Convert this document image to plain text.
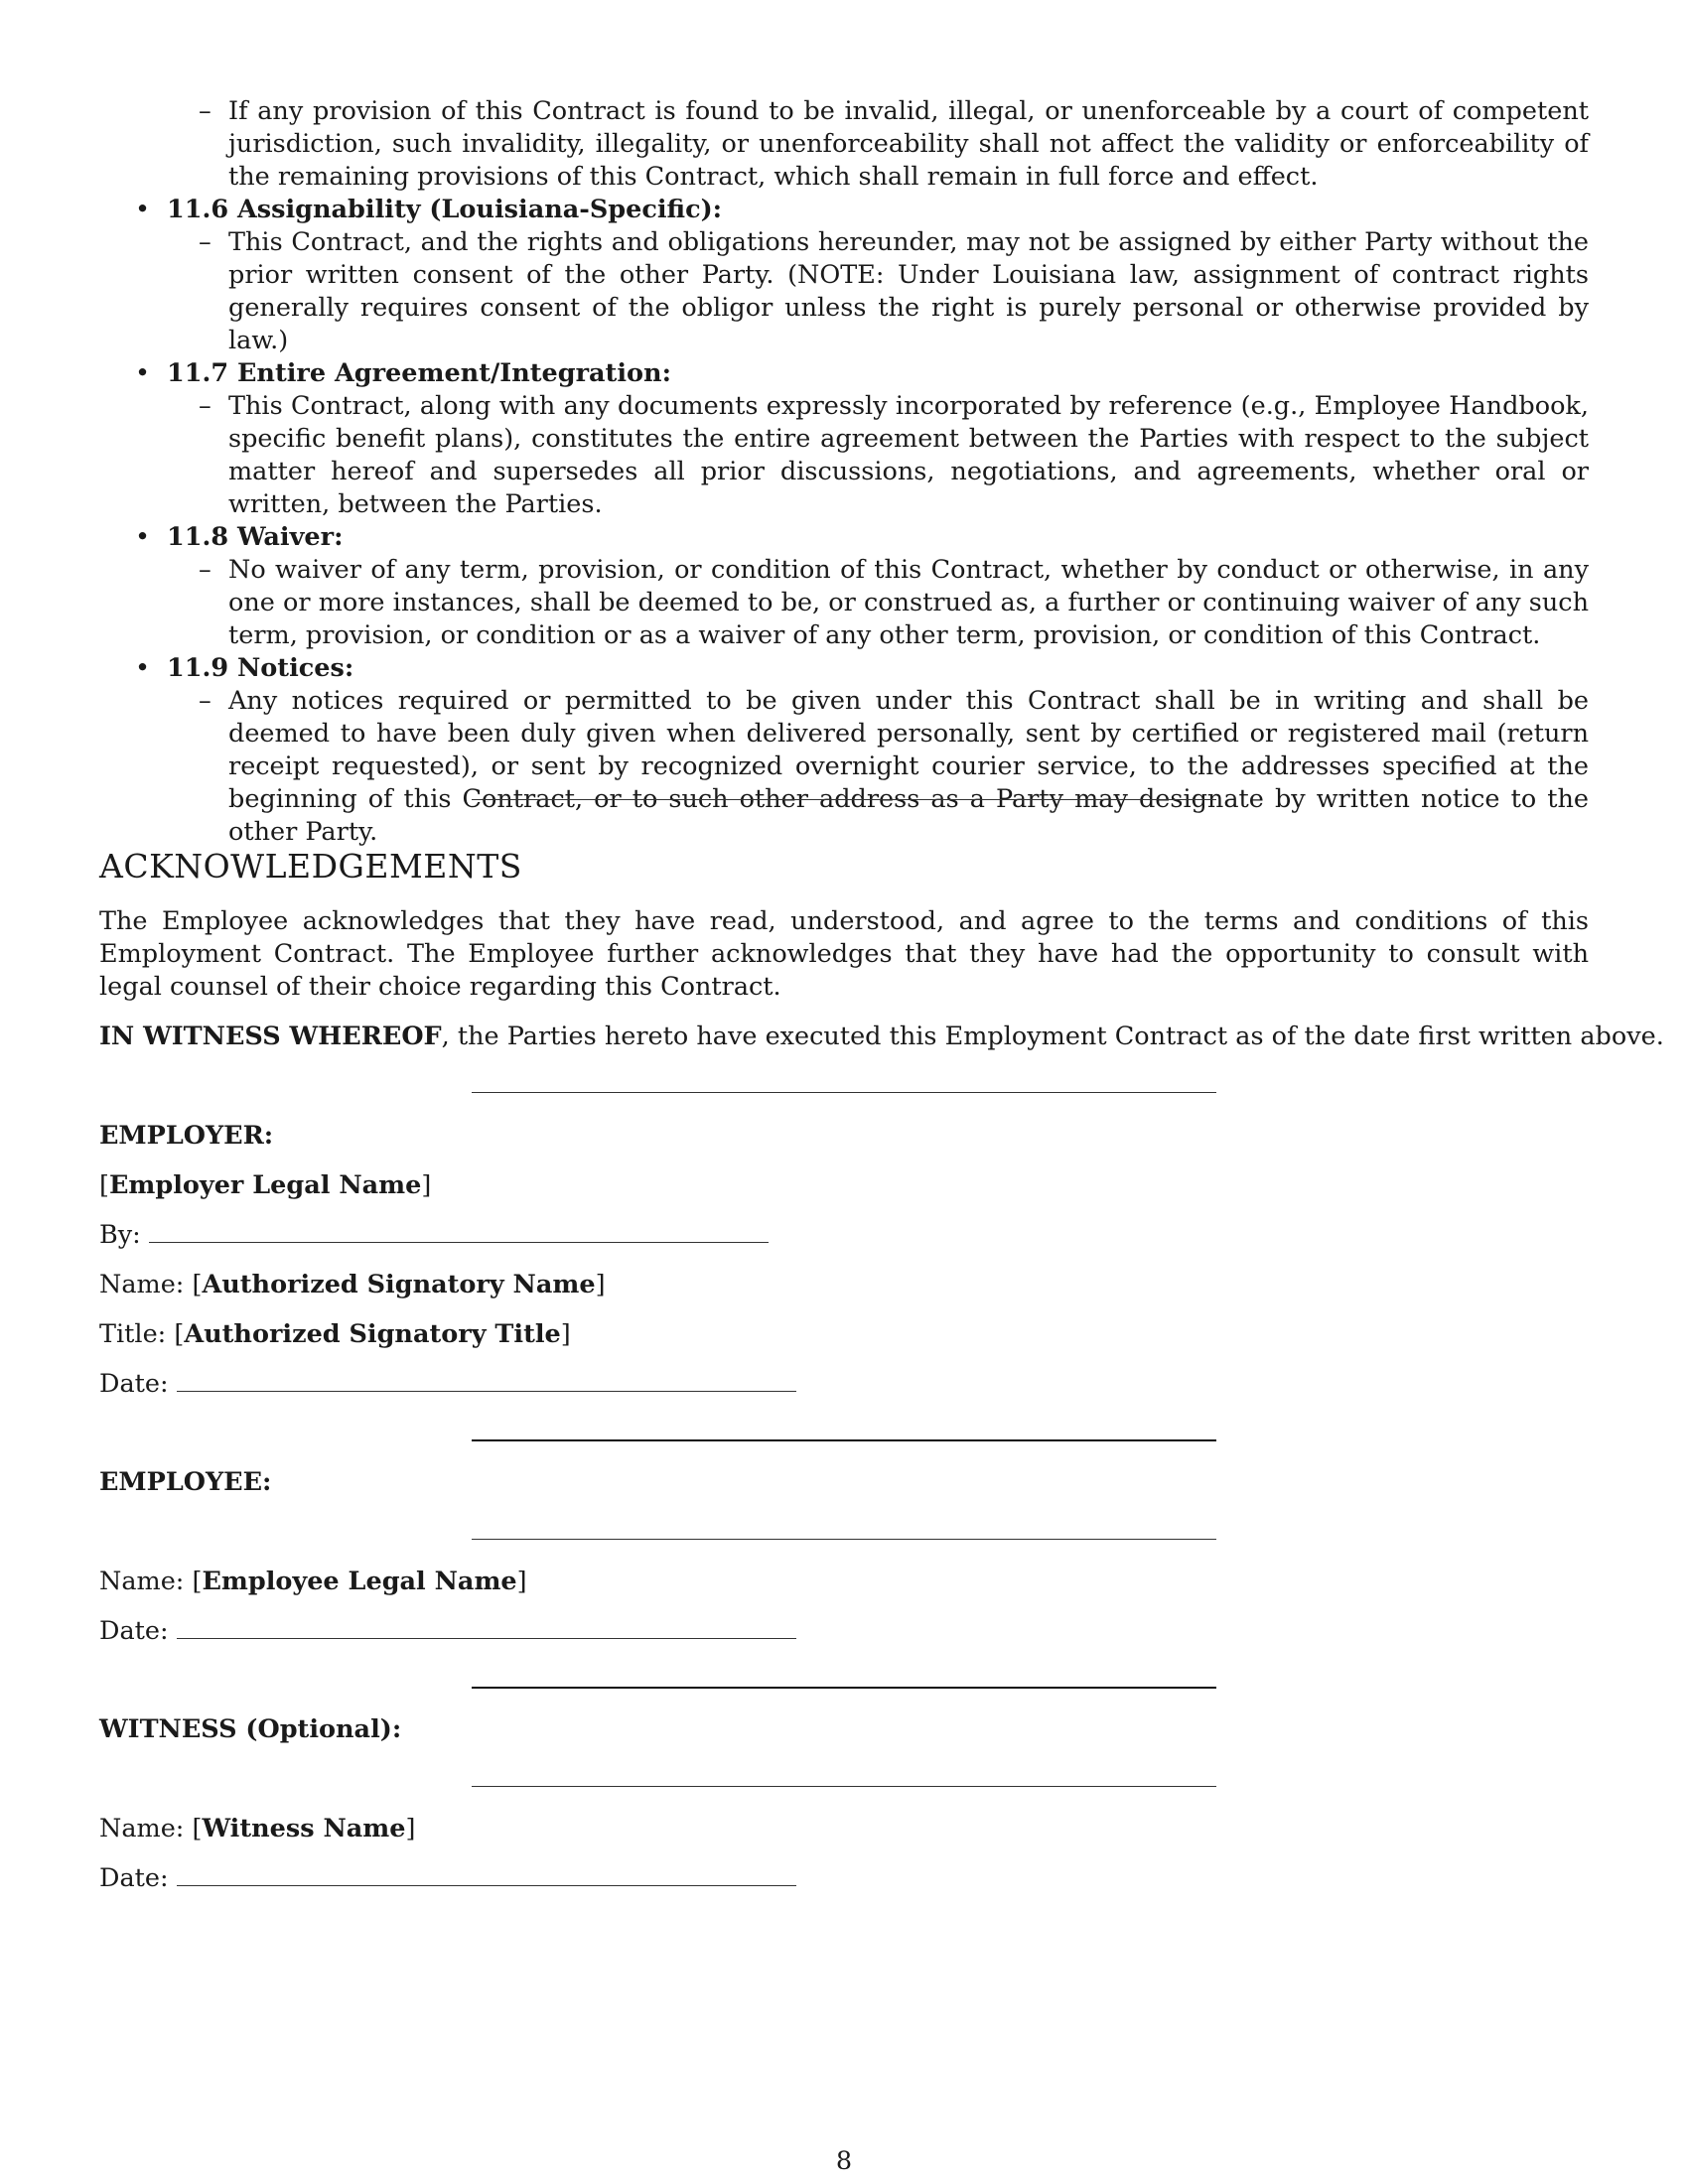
– If any provision of this Contract is found to be invalid, illegal, or unenforceable by a court of competent jurisdiction, such invalidity, illegality, or unenforceability shall not affect the validity or enforceability of the remaining provisions of this Contract, which shall remain in full force and effect.
• 11.6 Assignability (Louisiana-Specific):
– This Contract, and the rights and obligations hereunder, may not be assigned by either Party without the prior written consent of the other Party. (NOTE: Under Louisiana law, assignment of contract rights generally requires consent of the obligor unless the right is purely personal or otherwise provided by law.)
• 11.7 Entire Agreement/Integration:
– This Contract, along with any documents expressly incorporated by reference (e.g., Employee Handbook, specific benefit plans), constitutes the entire agreement between the Parties with respect to the subject matter hereof and supersedes all prior discussions, negotiations, and agreements, whether oral or written, between the Parties.
• 11.8 Waiver:
– No waiver of any term, provision, or condition of this Contract, whether by conduct or otherwise, in any one or more instances, shall be deemed to be, or construed as, a further or continuing waiver of any such term, provision, or condition or as a waiver of any other term, provision, or condition of this Contract.
• 11.9 Notices:
– Any notices required or permitted to be given under this Contract shall be in writing and shall be deemed to have been duly given when delivered personally, sent by certified or registered mail (return receipt requested), or sent by recognized overnight courier service, to the addresses specified at the beginning of this Contract, or to such other address as a Party may designate by written notice to the other Party.
ACKNOWLEDGEMENTS
The Employee acknowledges that they have read, understood, and agree to the terms and conditions of this Employment Contract. The Employee further acknowledges that they have had the opportunity to consult with legal counsel of their choice regarding this Contract.
IN WITNESS WHEREOF, the Parties hereto have executed this Employment Contract as of the date first written above.
EMPLOYER:
[Employer Legal Name]
By:
Name: [Authorized Signatory Name]
Title: [Authorized Signatory Title]
Date:
EMPLOYEE:
Name: [Employee Legal Name]
Date:
WITNESS (Optional):
Name: [Witness Name]
Date:
8
